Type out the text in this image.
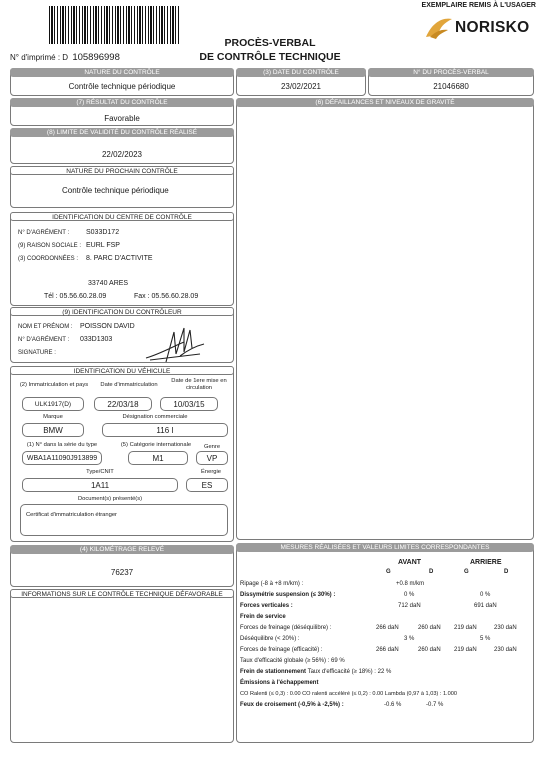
EXEMPLAIRE REMIS À L'USAGER
NORISKO
N° d'imprimé : D 105896998
PROCÈS-VERBAL
DE CONTRÔLE TECHNIQUE
NATURE DU CONTRÔLE
Contrôle technique périodique
(3) DATE DU CONTRÔLE
23/02/2021
N° DU PROCÈS-VERBAL
21046680
(7) RÉSULTAT DU CONTRÔLE
Favorable
(8) LIMITE DE VALIDITÉ DU CONTRÔLE RÉALISÉ
22/02/2023
NATURE DU PROCHAIN CONTRÔLE
Contrôle technique périodique
IDENTIFICATION DU CENTRE DE CONTRÔLE
N° D'AGRÉMENT : S033D172
(9) RAISON SOCIALE : EURL FSP
(3) COORDONNÉES : 8. PARC D'ACTIVITE
33740 ARES
Tél : 05.56.60.28.09	Fax : 05.56.60.28.09
(9) IDENTIFICATION DU CONTRÔLEUR
NOM ET PRÉNOM : POISSON DAVID
N° D'AGRÉMENT : 033D1303
SIGNATURE :
IDENTIFICATION DU VÉHICULE
(2) Immatriculation et pays	Date d'immatriculation
Date de 1ere mise en circulation
ULK1917(D)	22/03/18	10/03/15
Marque	Désignation commerciale
BMW	116 I
(1) N° dans la série du type	(5) Catégorie internationale	Genre
WBA1A11090J913899	M1	VP
Type/CNIT	Énergie
1A11	ES
Document(s) présenté(s)
Certificat d'immatriculation étranger
(4) KILOMÉTRAGE RELEVÉ
76237
INFORMATIONS SUR LE CONTRÔLE TECHNIQUE DÉFAVORABLE
(6) DÉFAILLANCES ET NIVEAUX DE GRAVITÉ
MESURES RÉALISÉES ET VALEURS LIMITES CORRESPONDANTES
AVANT	ARRIERE
G	D	G	D
Ripage (-8 à +8 m/km) :	+0.8 m/km
Dissymétrie suspension (≤ 30%) :	0 %	0 %
Forces verticales :	712 daN	691 daN
Frein de service
Forces de freinage (déséquilibre) :	266 daN	260 daN 219 daN	230 daN
Déséquilibre (< 20%) :	3 %	5 %
Forces de freinage (efficacité) :	266 daN	260 daN 219 daN	230 daN
Taux d'efficacité globale (≥ 56%) : 69 %
Frein de stationnement Taux d'efficacité (≥ 18%) : 22 %
Émissions à l'échappement
CO Ralenti (≤ 0,3) : 0.00 CO ralenti accéléré (≤ 0,2) : 0.00 Lambda (0,97 à 1,03) : 1.000
Feux de croisement (-0,5% à -2,5%) :	-0.6 %	-0.7 %
